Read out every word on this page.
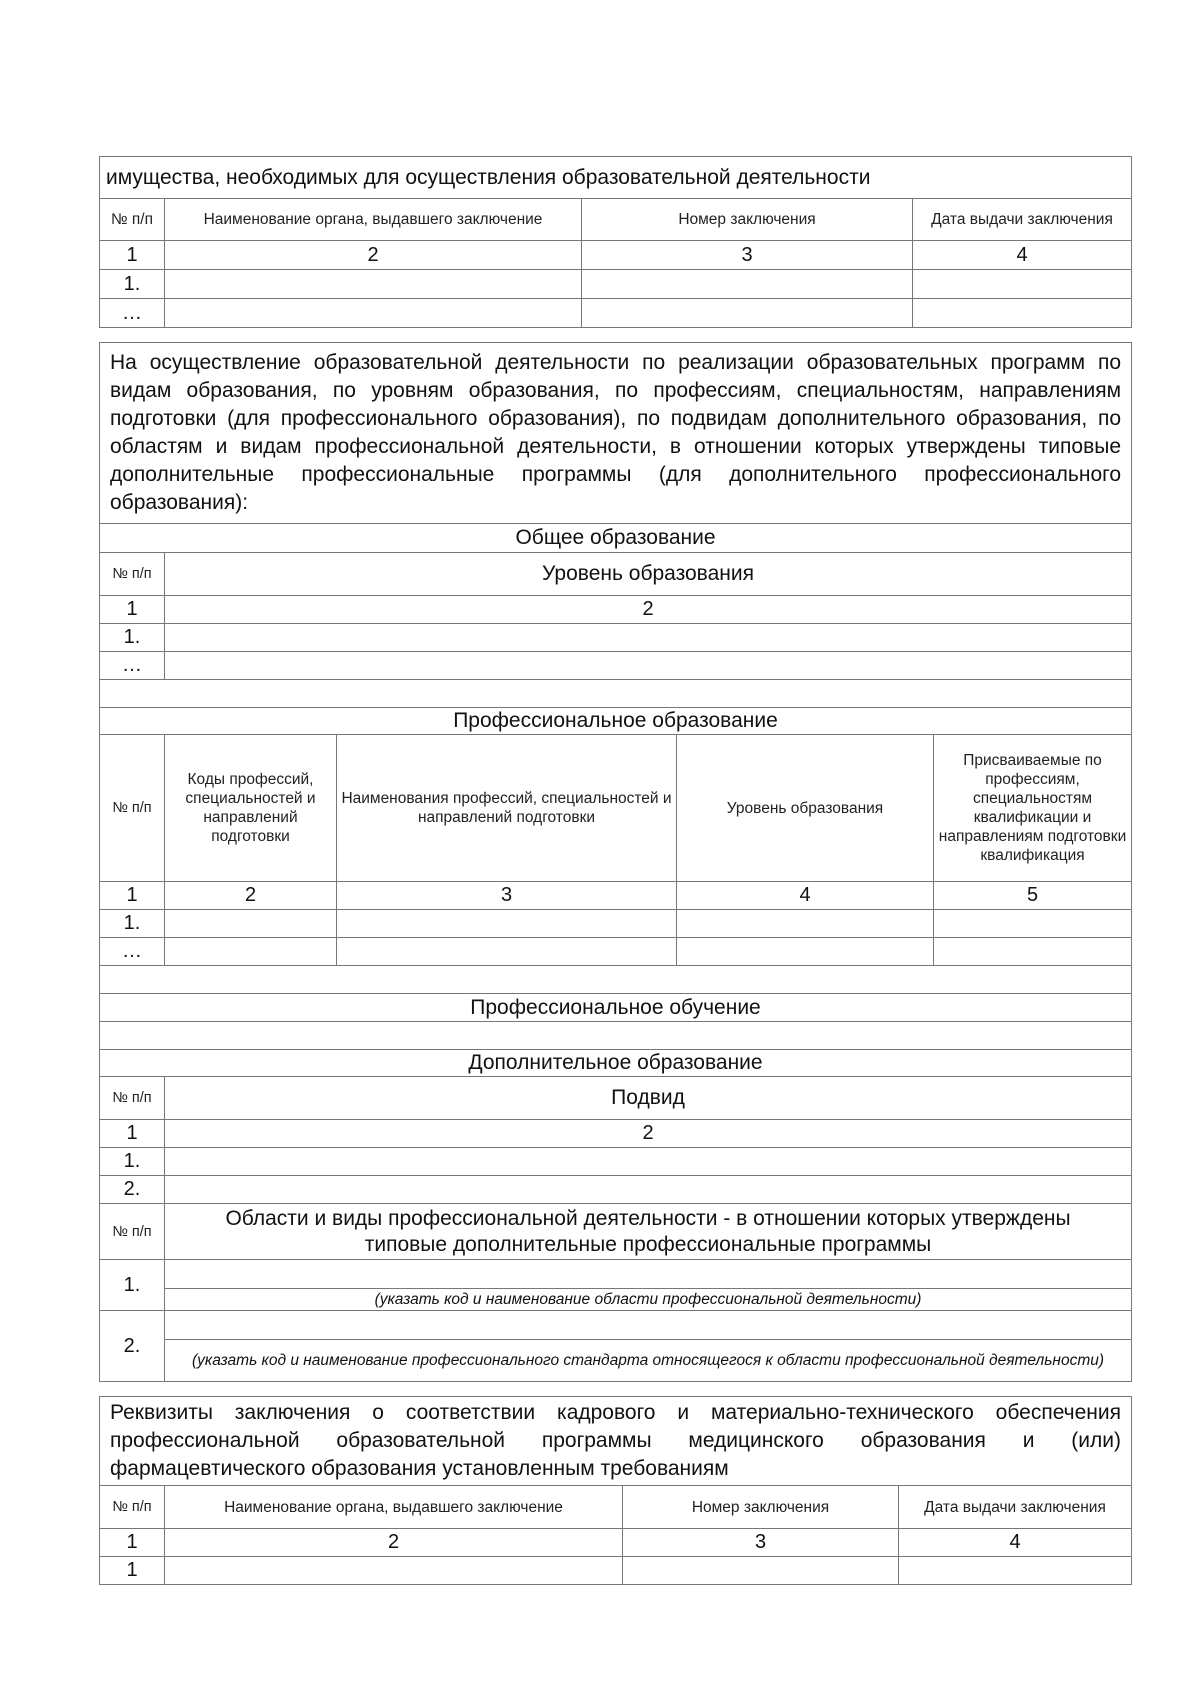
имущества, необходимых для осуществления образовательной деятельности			
№ п/п	Наименование органа, выдавшего заключение	Номер заключения	Дата выдачи заключения
1	2	3	4
1.			
…			
На осуществление образовательной деятельности по реализации образовательных программ по видам образования, по уровням образования, по профессиям, специальностям, направлениям подготовки (для профессионального образования), по подвидам дополнительного образования, по областям и видам профессиональной деятельности, в отношении которых утверждены типовые дополнительные профессиональные программы (для дополнительного профессионального образования):				
Общее образование				
№ п/п	Уровень образования			
1	2			
1.				
…				

Профессиональное образование				
№ п/п	Коды профессий, специальностей и направлений подготовки	Наименования профессий, специальностей и направлений подготовки	Уровень образования	Присваиваемые по профессиям, специальностям квалификации и направлениям подготовки квалификация
1	2	3	4	5
1.				
…				

Профессиональное обучение				

Дополнительное образование				
№ п/п	Подвид			
1	2			
1.				
2.				
№ п/п	Области и виды профессиональной деятельности - в отношении которых утверждены типовые дополнительные профессиональные программы			
1.				
	(указать код и наименование области профессиональной деятельности)			
2.				
	(указать код и наименование профессионального стандарта относящегося к области профессиональной деятельности)			
Реквизиты заключения о соответствии кадрового и материально-технического обеспечения профессиональной образовательной программы медицинского образования и (или) фармацевтического образования установленным требованиям			
№ п/п	Наименование органа, выдавшего заключение	Номер заключения	Дата выдачи заключения
1	2	3	4
1			
